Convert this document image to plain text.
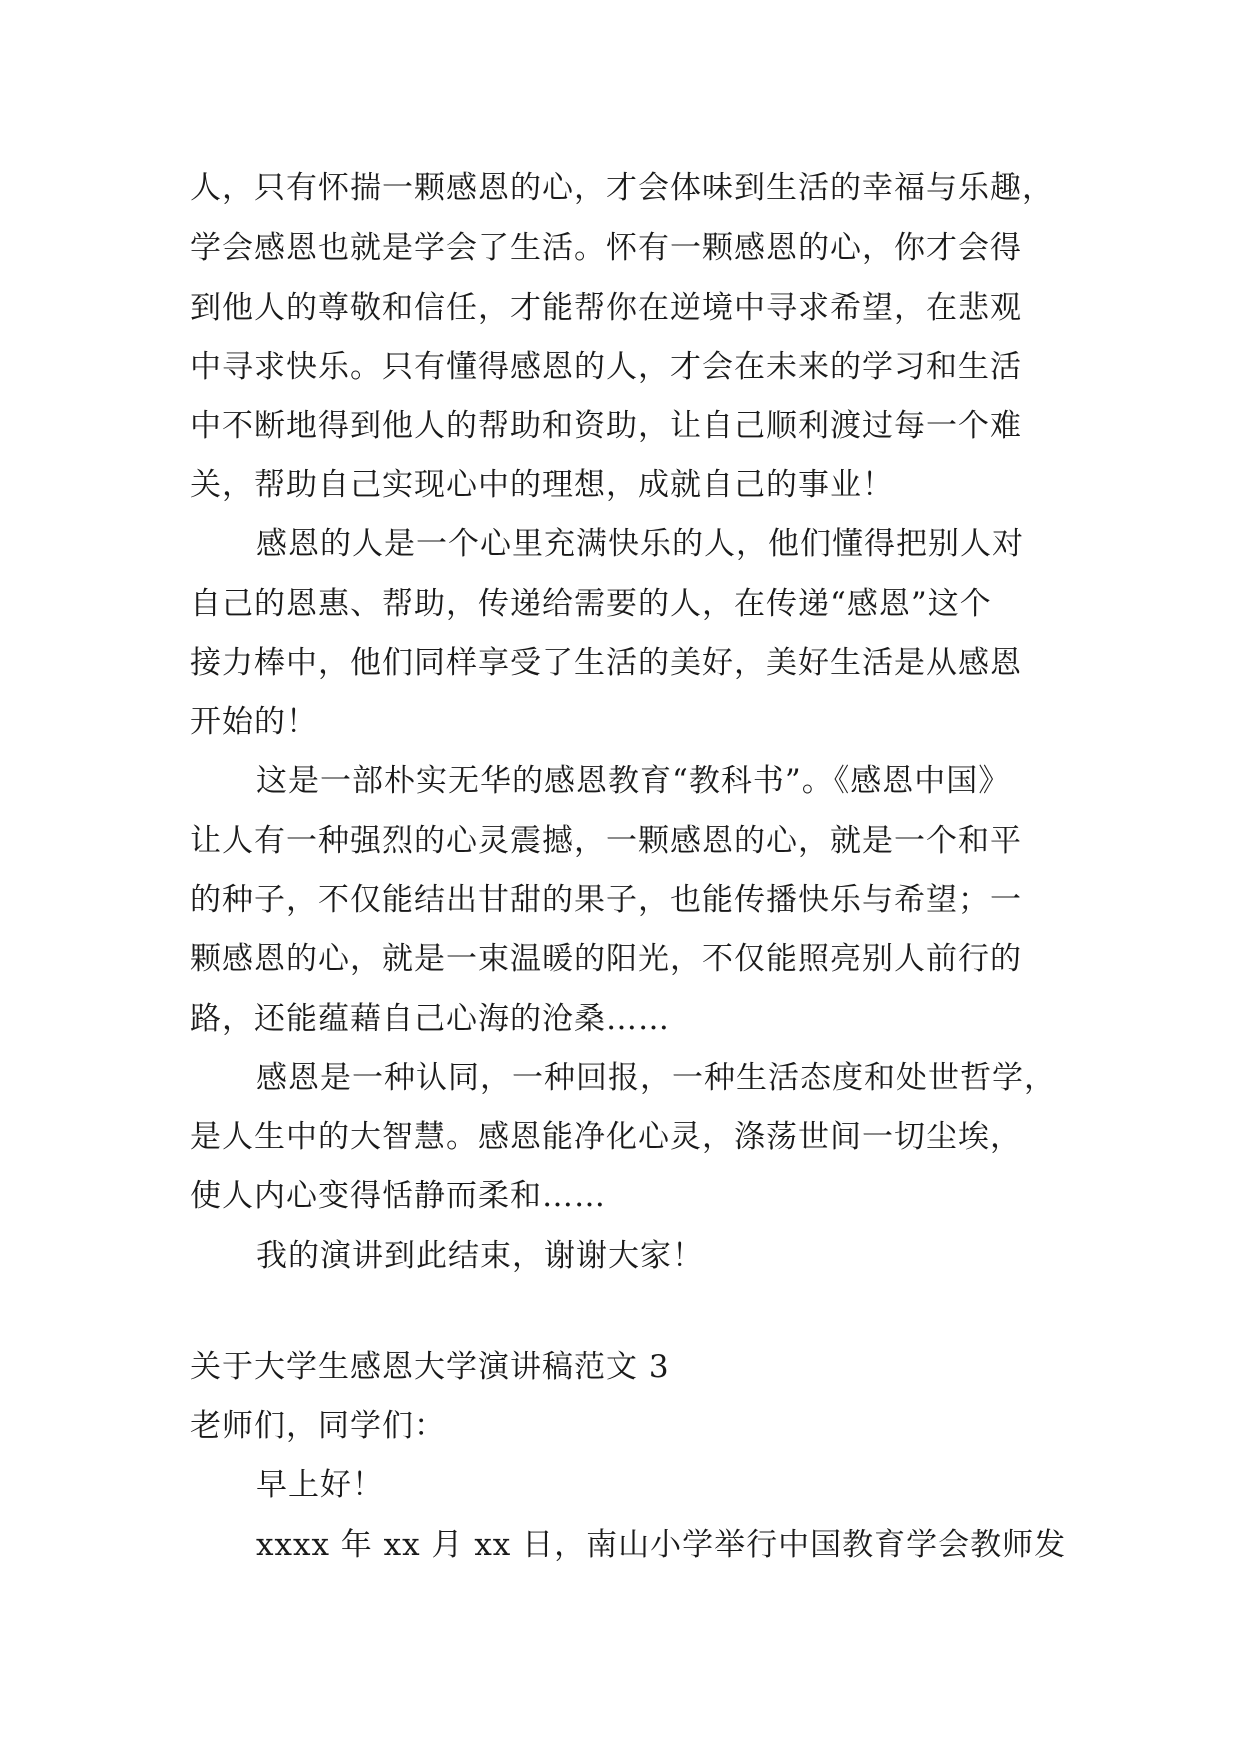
人，只有怀揣一颗感恩的心，才会体味到生活的幸福与乐趣，
学会感恩也就是学会了生活。怀有一颗感恩的心，你才会得
到他人的尊敬和信任，才能帮你在逆境中寻求希望，在悲观
中寻求快乐。只有懂得感恩的人，才会在未来的学习和生活
中不断地得到他人的帮助和资助，让自己顺利渡过每一个难
关，帮助自己实现心中的理想，成就自己的事业！
感恩的人是一个心里充满快乐的人，他们懂得把别人对
自己的恩惠、帮助，传递给需要的人，在传递“感恩”这个
接力棒中，他们同样享受了生活的美好，美好生活是从感恩
开始的！
这是一部朴实无华的感恩教育“教科书”。《感恩中国》
让人有一种强烈的心灵震撼，一颗感恩的心，就是一个和平
的种子，不仅能结出甘甜的果子，也能传播快乐与希望；一
颗感恩的心，就是一束温暖的阳光，不仅能照亮别人前行的
路，还能蕴藉自己心海的沧桑……
感恩是一种认同，一种回报，一种生活态度和处世哲学，
是人生中的大智慧。感恩能净化心灵，涤荡世间一切尘埃，
使人内心变得恬静而柔和……
我的演讲到此结束，谢谢大家！
关于大学生感恩大学演讲稿范文 3
老师们，同学们：
早上好！
xxxx 年 xx 月 xx 日，南山小学举行中国教育学会教师发
